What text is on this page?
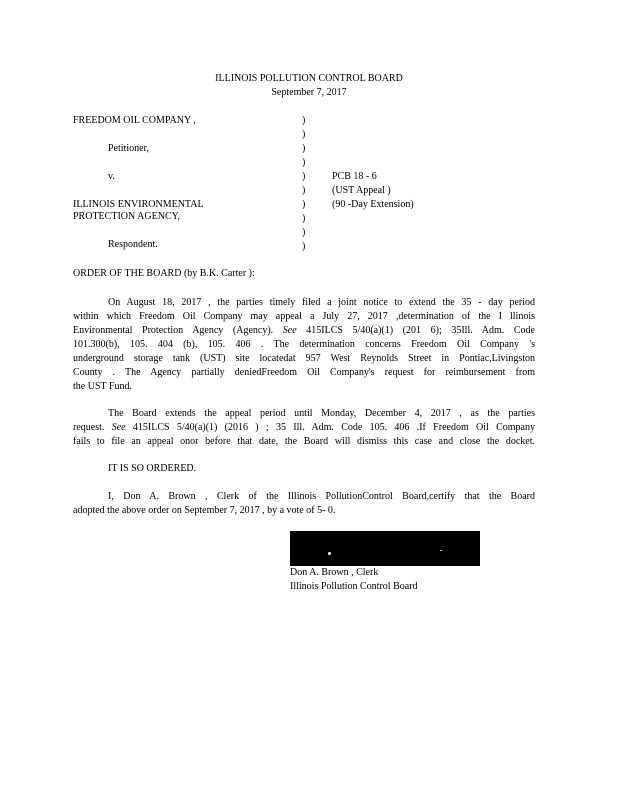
ILLINOIS POLLUTION CONTROL BOARD
September 7, 2017
FREEDOM OIL COMPANY ,
Petitioner,
v.
ILLINOIS ENVIRONMENTAL
PROTECTION AGENCY,
Respondent.
)
)
)
)
)
)
)
)
)
)
PCB 18 - 6
(UST Appeal )
(90 -Day Extension)
ORDER OF THE BOARD (by B.K. Carter ):
On August 18, 2017 , the parties timely filed a joint notice to extend the 35 - day period
within which Freedom Oil Company may appeal a July 27, 2017 ,determination of the I llinois
Environmental Protection Agency (Agency). See 415ILCS 5/40(a)(1) (201 6); 35Ill. Adm. Code
101.300(b), 105. 404 (b), 105. 406 . The determination concerns Freedom Oil Company 's
underground storage tank (UST) site locatedat 957 West Reynolds Street in Pontiac,Livingston
County . The Agency partially deniedFreedom Oil Company's request for reimbursement from
the UST Fund.
The Board extends the appeal period until Monday, December 4, 2017 , as the parties
request. See 415ILCS 5/40(a)(1) (2016 ) ; 35 Ill. Adm. Code 105. 406 .If Freedom Oil Company
fails to file an appeal onor before that date, the Board will dismiss this case and close the docket.
IT IS SO ORDERED.
I, Don A. Brown , Clerk of the Illinois PollutionControl Board,certify that the Board
adopted the above order on September 7, 2017 , by a vote of 5- 0.
Don A. Brown , Clerk
Illinois Pollution Control Board
